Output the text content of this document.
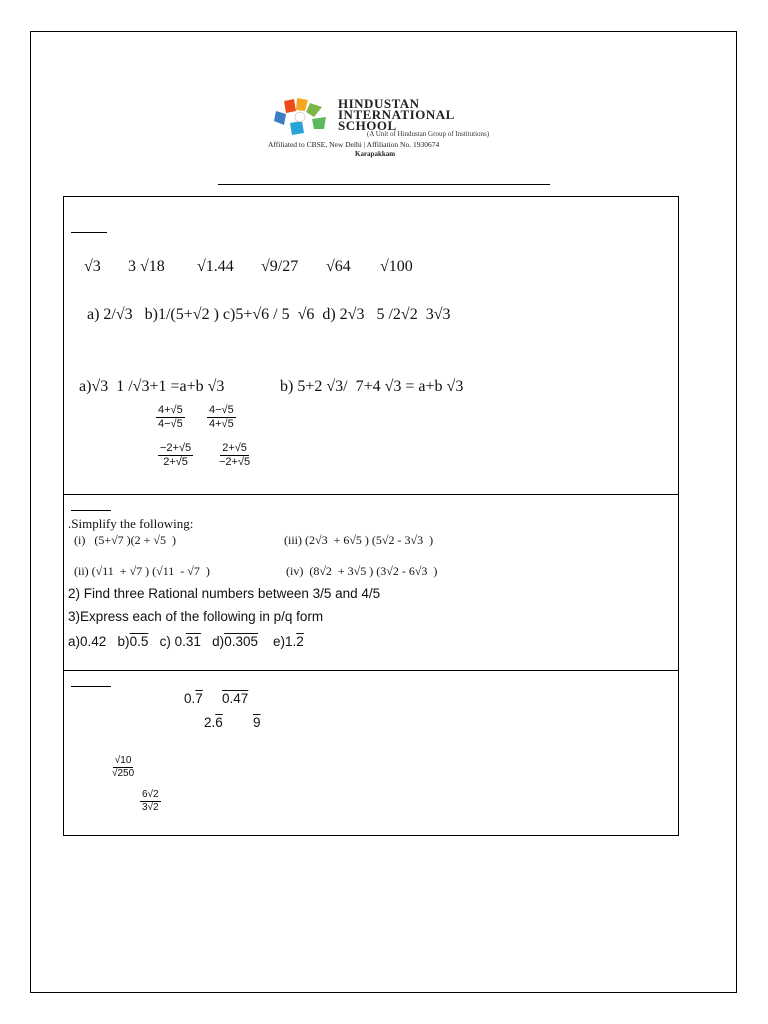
HINDUSTAN
INTERNATIONAL
SCHOOL
(A Unit of Hindustan Group of Institutions)
Affiliated to CBSE, New Delhi | Affiliation No. 1930674
Karapakkam
√3 3 √18 √1.44 √9/27 √64 √100
a) 2/√3   b)1/(5+√2 ) c)5+√6 / 5  √6  d) 2√3   5 /2√2  3√3
a)√3  1 /√3+1 =a+b √3	b) 5+2 √3/  7+4 √3 = a+b √3
$\frac{4+√5}{4-√5} \frac{4-√5}{4+√5}$
$\frac{-2+√5}{2+√5} \frac{2+√5}{-2+√5}$
.Simplify the following:
(i)   (5+√7 )(2 + √5  )	(iii) (2√3  + 6√5 ) (5√2 - 3√3  )
(ii) (√11  + √7 ) (√11  - √7  )	(iv)  (8√2  + 3√5 ) (3√2 - 6√3  )
2) Find three Rational numbers between 3/5 and 4/5
3)Express each of the following in p/q form
a)0.42 b)0.5 c) 0.31 d)0.305 e)1.2
0.7 0.47
2.6 9
$\frac{√10}{√250}$
$\frac{6√2}{3√2}$
